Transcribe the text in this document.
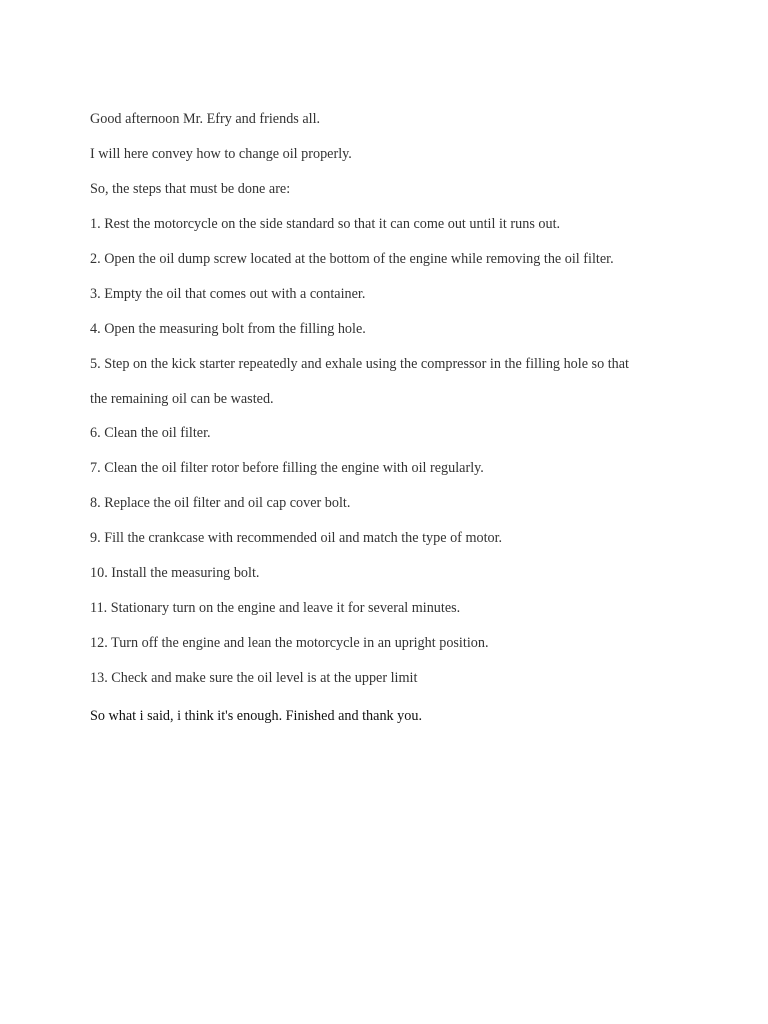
Good afternoon Mr. Efry and friends all.

I will here convey how to change oil properly.

So, the steps that must be done are:

1. Rest the motorcycle on the side standard so that it can come out until it runs out.

2. Open the oil dump screw located at the bottom of the engine while removing the oil filter.

3. Empty the oil that comes out with a container.

4. Open the measuring bolt from the filling hole.

5. Step on the kick starter repeatedly and exhale using the compressor in the filling hole so that

the remaining oil can be wasted.

6. Clean the oil filter.

7. Clean the oil filter rotor before filling the engine with oil regularly.

8. Replace the oil filter and oil cap cover bolt.

9. Fill the crankcase with recommended oil and match the type of motor.

10. Install the measuring bolt.

11. Stationary turn on the engine and leave it for several minutes.

12. Turn off the engine and lean the motorcycle in an upright position.

13. Check and make sure the oil level is at the upper limit

So what i said, i think it's enough. Finished and thank you.
